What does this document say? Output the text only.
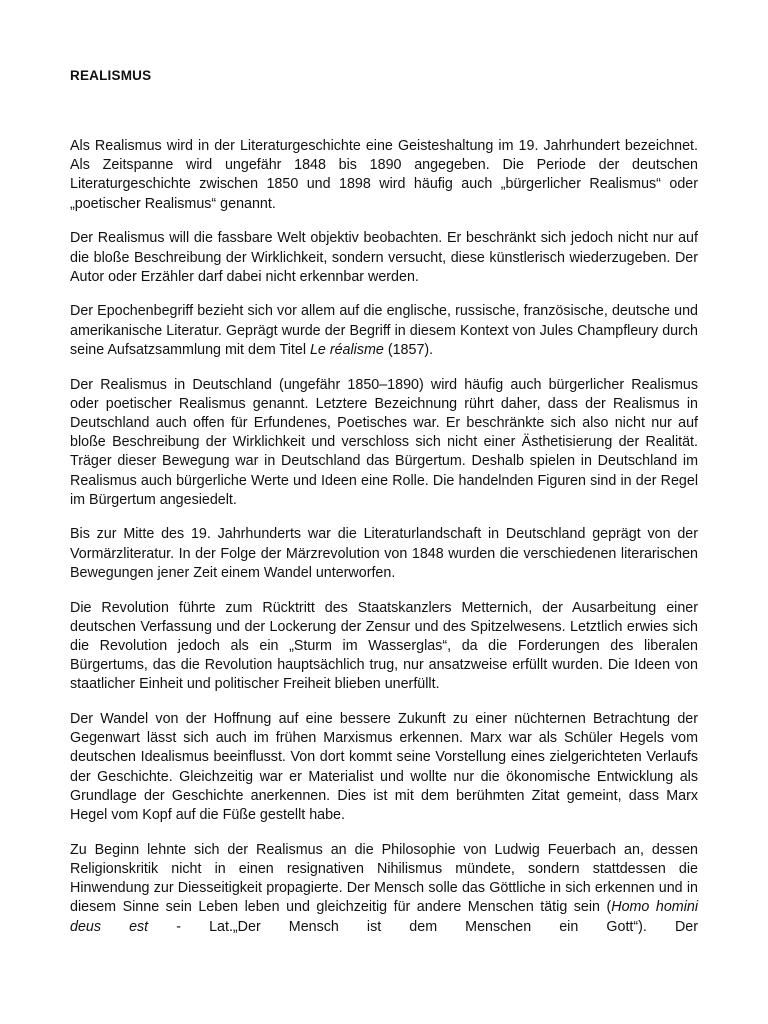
REALISMUS

Als Realismus wird in der Literaturgeschichte eine Geisteshaltung im 19. Jahrhundert bezeichnet. Als Zeitspanne wird ungefähr 1848 bis 1890 angegeben. Die Periode der deutschen Literaturgeschichte zwischen 1850 und 1898 wird häufig auch „bürgerlicher Realismus“ oder „poetischer Realismus“ genannt.

Der Realismus will die fassbare Welt objektiv beobachten. Er beschränkt sich jedoch nicht nur auf die bloße Beschreibung der Wirklichkeit, sondern versucht, diese künstlerisch wiederzugeben. Der Autor oder Erzähler darf dabei nicht erkennbar werden.

Der Epochenbegriff bezieht sich vor allem auf die englische, russische, französische, deutsche und amerikanische Literatur. Geprägt wurde der Begriff in diesem Kontext von Jules Champfleury durch seine Aufsatzsammlung mit dem Titel Le réalisme (1857).

Der Realismus in Deutschland (ungefähr 1850–1890) wird häufig auch bürgerlicher Realismus oder poetischer Realismus genannt. Letztere Bezeichnung rührt daher, dass der Realismus in Deutschland auch offen für Erfundenes, Poetisches war. Er beschränkte sich also nicht nur auf bloße Beschreibung der Wirklichkeit und verschloss sich nicht einer Ästhetisierung der Realität. Träger dieser Bewegung war in Deutschland das Bürgertum. Deshalb spielen in Deutschland im Realismus auch bürgerliche Werte und Ideen eine Rolle. Die handelnden Figuren sind in der Regel im Bürgertum angesiedelt.

Bis zur Mitte des 19. Jahrhunderts war die Literaturlandschaft in Deutschland geprägt von der Vormärzliteratur. In der Folge der Märzrevolution von 1848 wurden die verschiedenen literarischen Bewegungen jener Zeit einem Wandel unterworfen.

Die Revolution führte zum Rücktritt des Staatskanzlers Metternich, der Ausarbeitung einer deutschen Verfassung und der Lockerung der Zensur und des Spitzelwesens. Letztlich erwies sich die Revolution jedoch als ein „Sturm im Wasserglas“, da die Forderungen des liberalen Bürgertums, das die Revolution hauptsächlich trug, nur ansatzweise erfüllt wurden. Die Ideen von staatlicher Einheit und politischer Freiheit blieben unerfüllt.

Der Wandel von der Hoffnung auf eine bessere Zukunft zu einer nüchternen Betrachtung der Gegenwart lässt sich auch im frühen Marxismus erkennen. Marx war als Schüler Hegels vom deutschen Idealismus beeinflusst. Von dort kommt seine Vorstellung eines zielgerichteten Verlaufs der Geschichte. Gleichzeitig war er Materialist und wollte nur die ökonomische Entwicklung als Grundlage der Geschichte anerkennen. Dies ist mit dem berühmten Zitat gemeint, dass Marx Hegel vom Kopf auf die Füße gestellt habe.

Zu Beginn lehnte sich der Realismus an die Philosophie von Ludwig Feuerbach an, dessen Religionskritik nicht in einen resignativen Nihilismus mündete, sondern stattdessen die Hinwendung zur Diesseitigkeit propagierte. Der Mensch solle das Göttliche in sich erkennen und in diesem Sinne sein Leben leben und gleichzeitig für andere Menschen tätig sein (Homo homini deus est - Lat.„Der Mensch ist dem Menschen ein Gott“). Der
